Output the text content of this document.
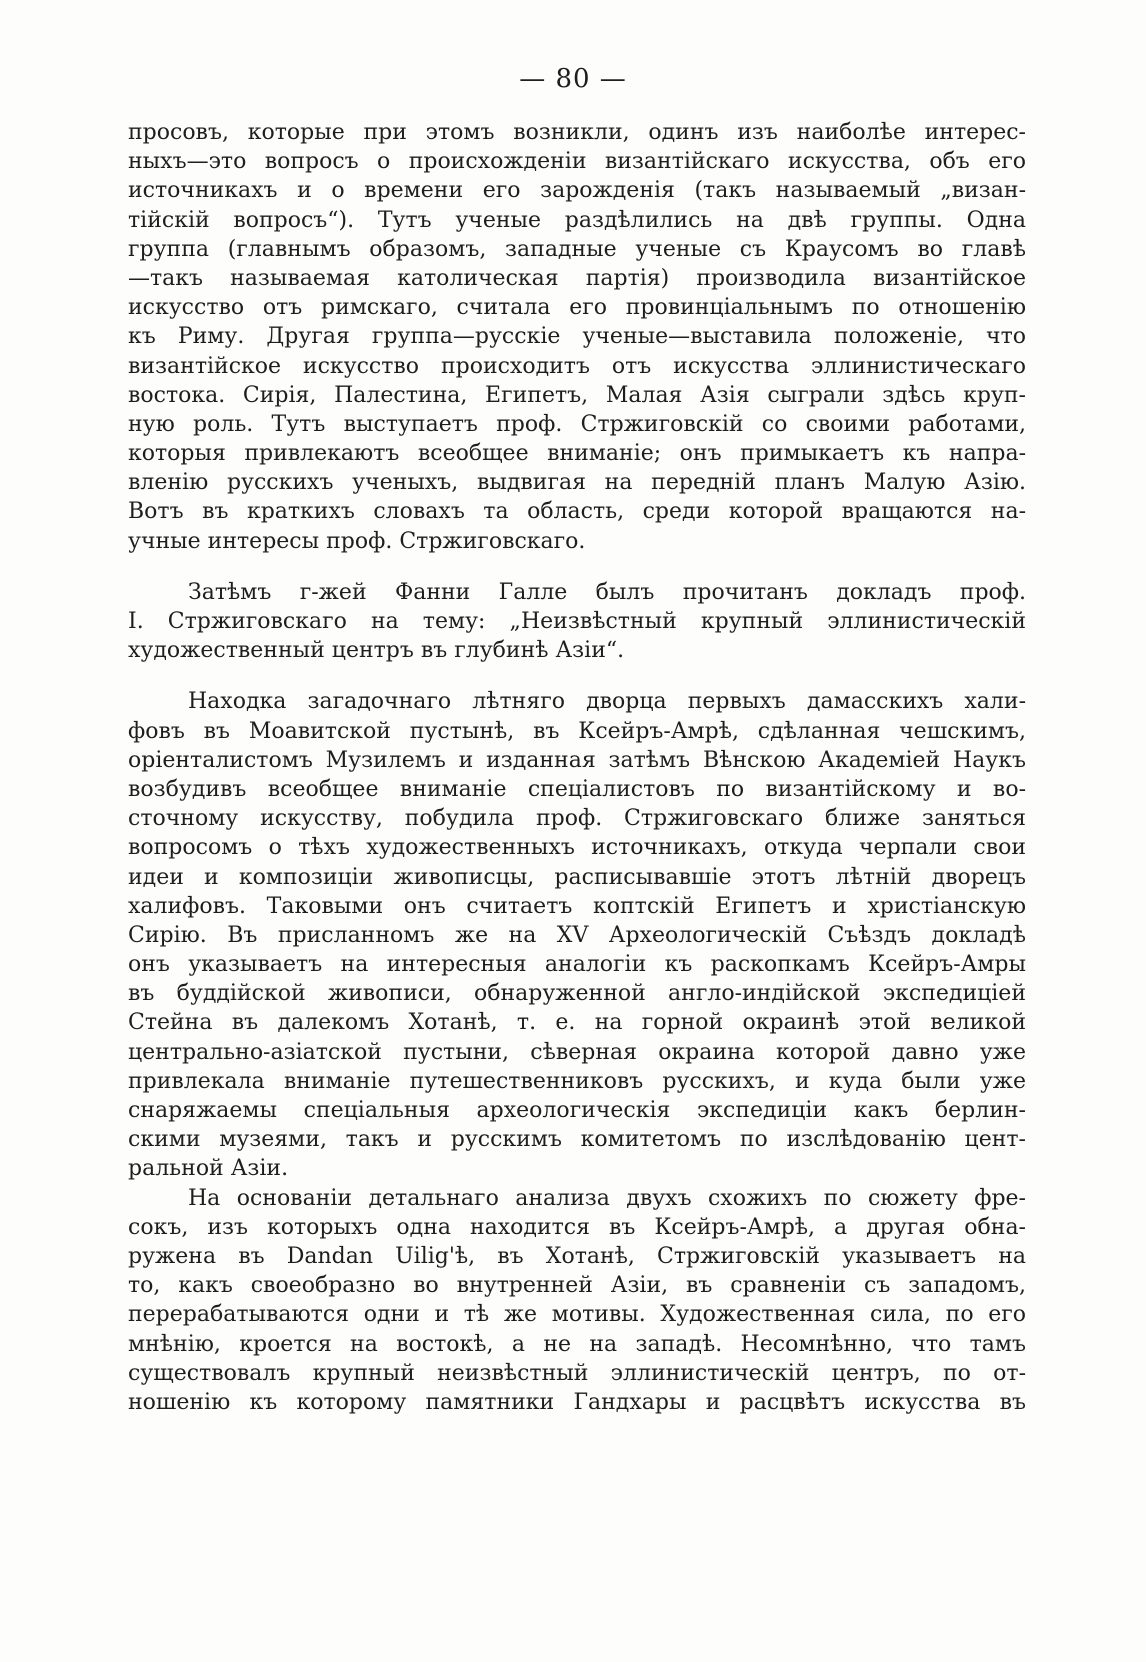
— 80 —
просовъ, которые при этомъ возникли, одинъ изъ наиболѣе интерес-
ныхъ—это вопросъ о происхожденіи византійскаго искусства, объ его
источникахъ и о времени его зарожденія (такъ называемый „визан-
тійскій вопросъ“). Тутъ ученые раздѣлились на двѣ группы. Одна
группа (главнымъ образомъ, западные ученые съ Краусомъ во главѣ
—такъ называемая католическая партія) производила византійское
искусство отъ римскаго, считала его провинціальнымъ по отношенію
къ Риму. Другая группа—русскіе ученые—выставила положеніе, что
византійское искусство происходитъ отъ искусства эллинистическаго
востока. Сирія, Палестина, Египетъ, Малая Азія сыграли здѣсь круп-
ную роль. Тутъ выступаетъ проф. Стржиговскій со своими работами,
которыя привлекаютъ всеобщее вниманіе; онъ примыкаетъ къ напра-
вленію русскихъ ученыхъ, выдвигая на передній планъ Малую Азію.
Вотъ въ краткихъ словахъ та область, среди которой вращаются на-
учные интересы проф. Стржиговскаго.
Затѣмъ г-жей Фанни Галле былъ прочитанъ докладъ проф.
І. Стржиговскаго на тему: „Неизвѣстный крупный эллинистическій
художественный центръ въ глубинѣ Азіи“.
Находка загадочнаго лѣтняго дворца первыхъ дамасскихъ хали-
фовъ въ Моавитской пустынѣ, въ Ксейръ-Амрѣ, сдѣланная чешскимъ,
оріенталистомъ Музилемъ и изданная затѣмъ Вѣнскою Академіей Наукъ
возбудивъ всеобщее вниманіе спеціалистовъ по византійскому и во-
сточному искусству, побудила проф. Стржиговскаго ближе заняться
вопросомъ о тѣхъ художественныхъ источникахъ, откуда черпали свои
идеи и композиціи живописцы, расписывавшіе этотъ лѣтній дворецъ
халифовъ. Таковыми онъ считаетъ коптскій Египетъ и христіанскую
Сирію. Въ присланномъ же на XV Археологическій Съѣздъ докладѣ
онъ указываетъ на интересныя аналогіи къ раскопкамъ Ксейръ-Амры
въ буддійской живописи, обнаруженной англо-индійской экспедиціей
Стейна въ далекомъ Хотанѣ, т. е. на горной окраинѣ этой великой
центрально-азіатской пустыни, сѣверная окраина которой давно уже
привлекала вниманіе путешественниковъ русскихъ, и куда были уже
снаряжаемы спеціальныя археологическія экспедиціи какъ берлин-
скими музеями, такъ и русскимъ комитетомъ по изслѣдованію цент-
ральной Азіи.
На основаніи детальнаго анализа двухъ схожихъ по сюжету фре-
сокъ, изъ которыхъ одна находится въ Ксейръ-Амрѣ, а другая обна-
ружена въ Dandan Uilig'ѣ, въ Хотанѣ, Стржиговскій указываетъ на
то, какъ своеобразно во внутренней Азіи, въ сравненіи съ западомъ,
перерабатываются одни и тѣ же мотивы. Художественная сила, по его
мнѣнію, кроется на востокѣ, а не на западѣ. Несомнѣнно, что тамъ
существовалъ крупный неизвѣстный эллинистическій центръ, по от-
ношенію къ которому памятники Гандхары и расцвѣтъ искусства въ
